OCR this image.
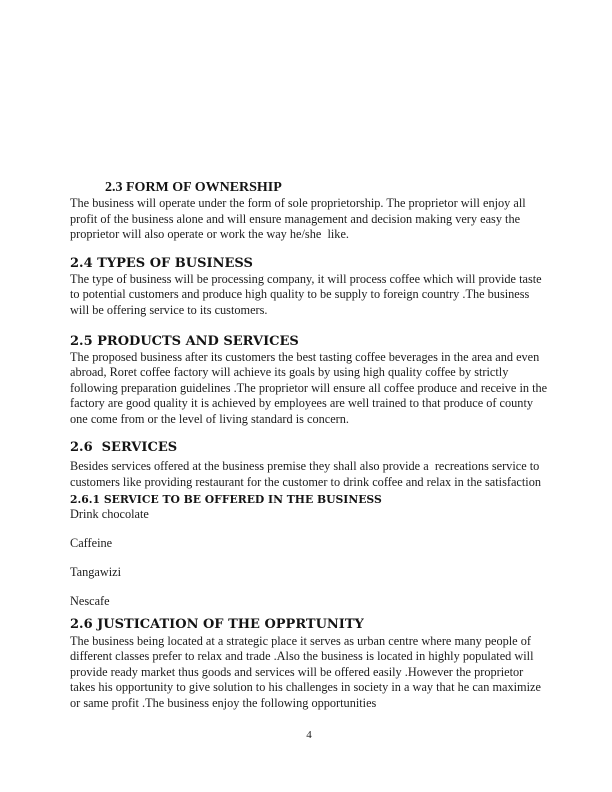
2.3 FORM OF OWNERSHIP

The business will operate under the form of sole proprietorship. The proprietor will enjoy all profit of the business alone and will ensure management and decision making very easy the proprietor will also operate or work the way he/she  like.

2.4 TYPES OF BUSINESS

The type of business will be processing company, it will process coffee which will provide taste to potential customers and produce high quality to be supply to foreign country .The business will be offering service to its customers.

2.5 PRODUCTS AND SERVICES

The proposed business after its customers the best tasting coffee beverages in the area and even abroad, Roret coffee factory will achieve its goals by using high quality coffee by strictly following preparation guidelines .The proprietor will ensure all coffee produce and receive in the factory are good quality it is achieved by employees are well trained to that produce of county one come from or the level of living standard is concern.

2.6  SERVICES

Besides services offered at the business premise they shall also provide a  recreations service to customers like providing restaurant for the customer to drink coffee and relax in the satisfaction

2.6.1 SERVICE TO BE OFFERED IN THE BUSINESS

Drink chocolate

Caffeine

Tangawizi

Nescafe

2.6 JUSTICATION OF THE OPPRTUNITY

The business being located at a strategic place it serves as urban centre where many people of different classes prefer to relax and trade .Also the business is located in highly populated will provide ready market thus goods and services will be offered easily .However the proprietor takes his opportunity to give solution to his challenges in society in a way that he can maximize or same profit .The business enjoy the following opportunities

4
